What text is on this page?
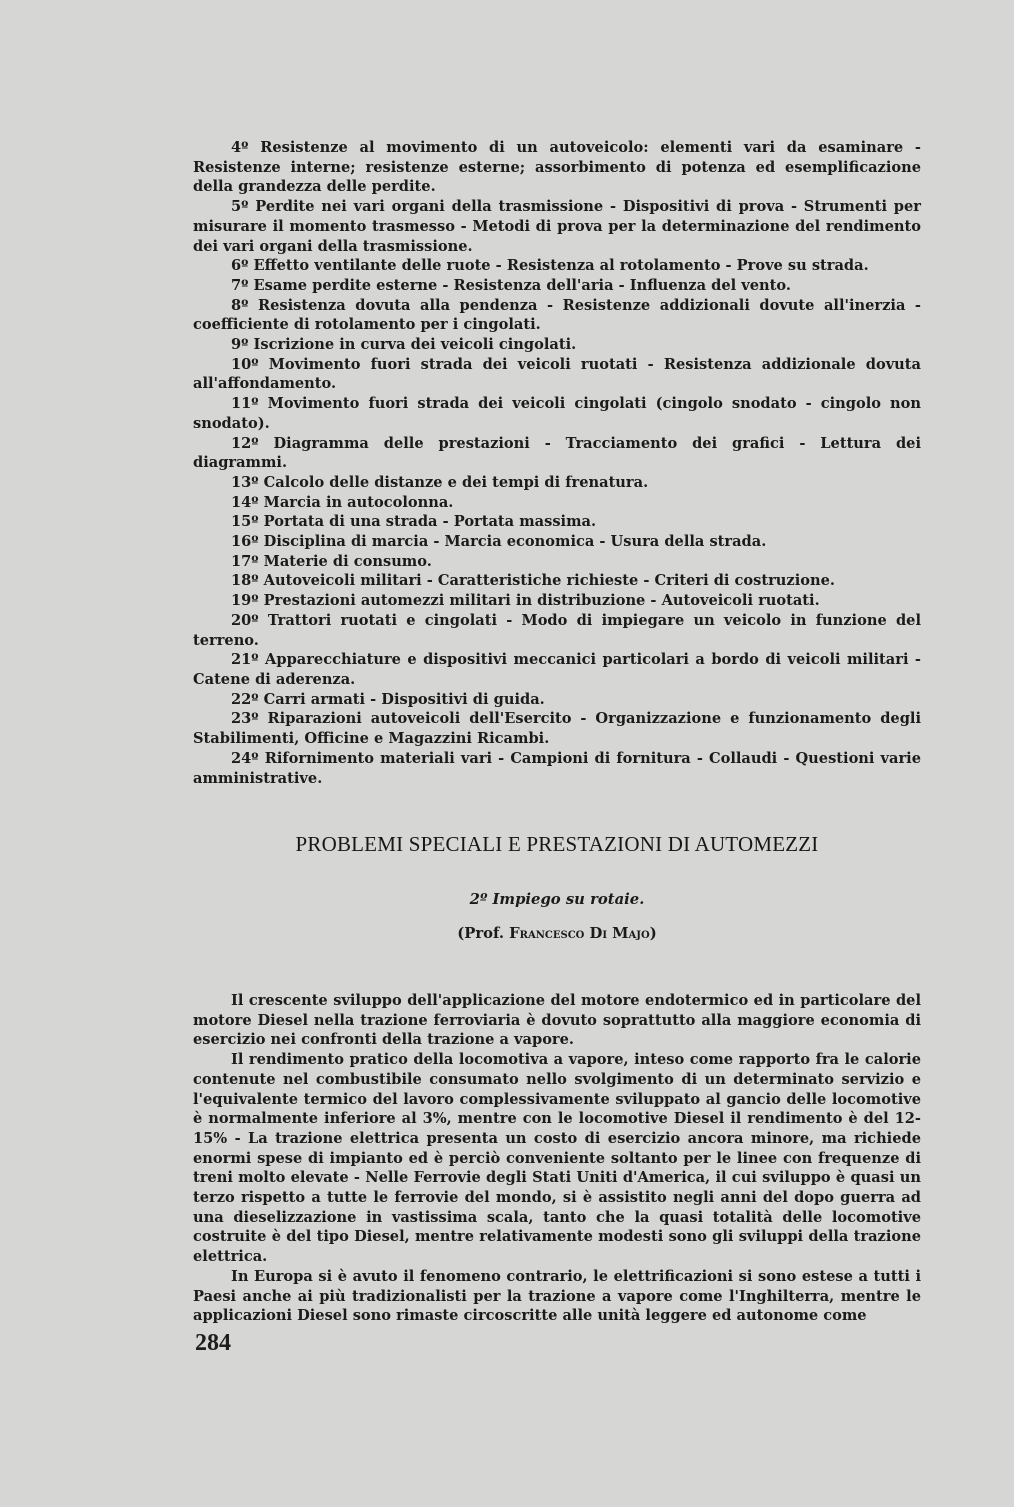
4º Resistenze al movimento di un autoveicolo: elementi vari da esaminare - Resistenze interne; resistenze esterne; assorbimento di potenza ed esemplificazione della grandezza delle perdite.

5º Perdite nei vari organi della trasmissione - Dispositivi di prova - Strumenti per misurare il momento trasmesso - Metodi di prova per la determinazione del rendimento dei vari organi della trasmissione.

6º Effetto ventilante delle ruote - Resistenza al rotolamento - Prove su strada.

7º Esame perdite esterne - Resistenza dell'aria - Influenza del vento.

8º Resistenza dovuta alla pendenza - Resistenze addizionali dovute all'inerzia - coefficiente di rotolamento per i cingolati.

9º Iscrizione in curva dei veicoli cingolati.

10º Movimento fuori strada dei veicoli ruotati - Resistenza addizionale dovuta all'affondamento.

11º Movimento fuori strada dei veicoli cingolati (cingolo snodato - cingolo non snodato).

12º Diagramma delle prestazioni - Tracciamento dei grafici - Lettura dei diagrammi.

13º Calcolo delle distanze e dei tempi di frenatura.

14º Marcia in autocolonna.

15º Portata di una strada - Portata massima.

16º Disciplina di marcia - Marcia economica - Usura della strada.

17º Materie di consumo.

18º Autoveicoli militari - Caratteristiche richieste - Criteri di costruzione.

19º Prestazioni automezzi militari in distribuzione - Autoveicoli ruotati.

20º Trattori ruotati e cingolati - Modo di impiegare un veicolo in funzione del terreno.

21º Apparecchiature e dispositivi meccanici particolari a bordo di veicoli militari - Catene di aderenza.

22º Carri armati - Dispositivi di guida.

23º Riparazioni autoveicoli dell'Esercito - Organizzazione e funzionamento degli Stabilimenti, Officine e Magazzini Ricambi.

24º Rifornimento materiali vari - Campioni di fornitura - Collaudi - Questioni varie amministrative.

PROBLEMI SPECIALI E PRESTAZIONI DI AUTOMEZZI
2º Impiego su rotaie.
(Prof. Francesco Di Majo)

Il crescente sviluppo dell'applicazione del motore endotermico ed in particolare del motore Diesel nella trazione ferroviaria è dovuto soprattutto alla maggiore economia di esercizio nei confronti della trazione a vapore.

Il rendimento pratico della locomotiva a vapore, inteso come rapporto fra le calorie contenute nel combustibile consumato nello svolgimento di un determinato servizio e l'equivalente termico del lavoro complessivamente sviluppato al gancio delle locomotive è normalmente inferiore al 3%, mentre con le locomotive Diesel il rendimento è del 12-15% - La trazione elettrica presenta un costo di esercizio ancora minore, ma richiede enormi spese di impianto ed è perciò conveniente soltanto per le linee con frequenze di treni molto elevate - Nelle Ferrovie degli Stati Uniti d'America, il cui sviluppo è quasi un terzo rispetto a tutte le ferrovie del mondo, si è assistito negli anni del dopo guerra ad una dieselizzazione in vastissima scala, tanto che la quasi totalità delle locomotive costruite è del tipo Diesel, mentre relativamente modesti sono gli sviluppi della trazione elettrica.

In Europa si è avuto il fenomeno contrario, le elettrificazioni si sono estese a tutti i Paesi anche ai più tradizionalisti per la trazione a vapore come l'Inghilterra, mentre le applicazioni Diesel sono rimaste circoscritte alle unità leggere ed autonome come

284
